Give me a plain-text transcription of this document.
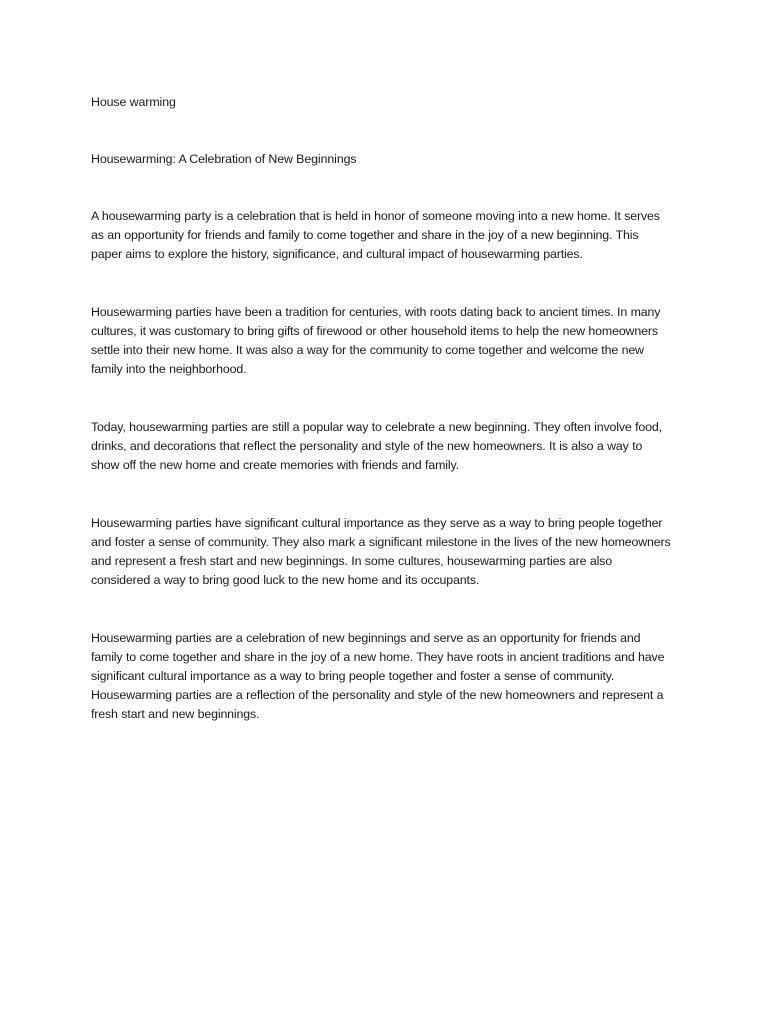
House warming

Housewarming: A Celebration of New Beginnings

A housewarming party is a celebration that is held in honor of someone moving into a new home. It serves as an opportunity for friends and family to come together and share in the joy of a new beginning. This paper aims to explore the history, significance, and cultural impact of housewarming parties.

Housewarming parties have been a tradition for centuries, with roots dating back to ancient times. In many cultures, it was customary to bring gifts of firewood or other household items to help the new homeowners settle into their new home. It was also a way for the community to come together and welcome the new family into the neighborhood.

Today, housewarming parties are still a popular way to celebrate a new beginning. They often involve food, drinks, and decorations that reflect the personality and style of the new homeowners. It is also a way to show off the new home and create memories with friends and family.

Housewarming parties have significant cultural importance as they serve as a way to bring people together and foster a sense of community. They also mark a significant milestone in the lives of the new homeowners and represent a fresh start and new beginnings. In some cultures, housewarming parties are also considered a way to bring good luck to the new home and its occupants.

Housewarming parties are a celebration of new beginnings and serve as an opportunity for friends and family to come together and share in the joy of a new home. They have roots in ancient traditions and have significant cultural importance as a way to bring people together and foster a sense of community. Housewarming parties are a reflection of the personality and style of the new homeowners and represent a fresh start and new beginnings.
